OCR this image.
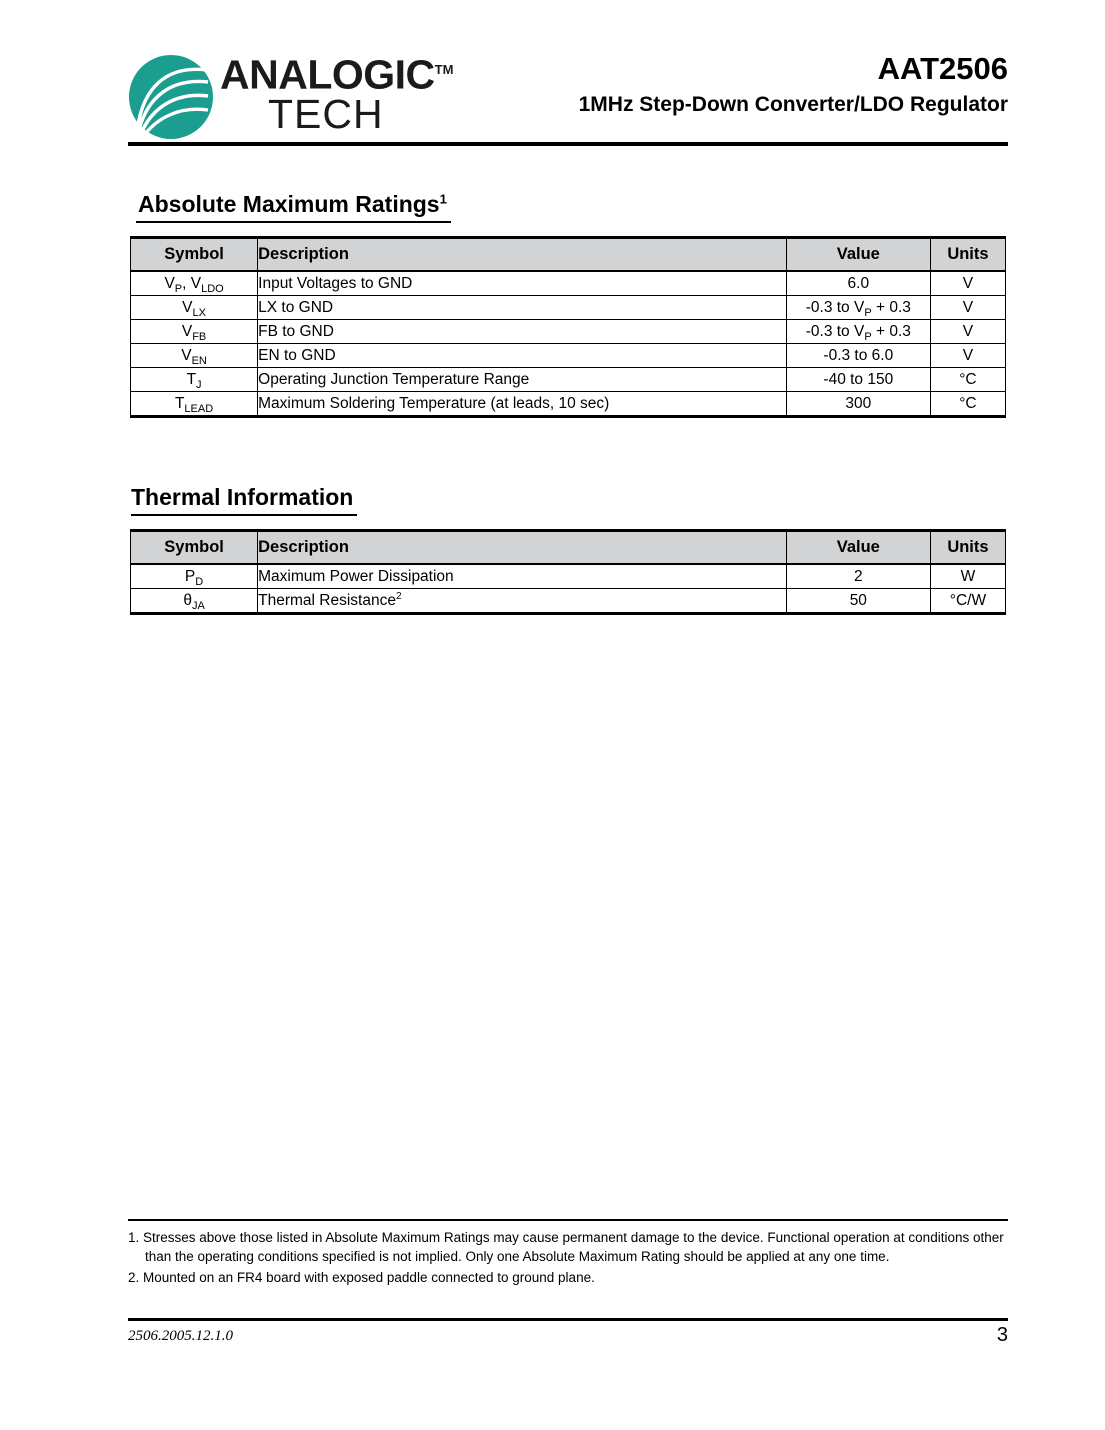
ANALOGIC™
TECH
AAT2506
1MHz Step-Down Converter/LDO Regulator
Absolute Maximum Ratings$^1$
Symbol	Description	Value	Units
$V_P$, $V_{LDO}$	Input Voltages to GND	6.0	V
$V_{LX}$	LX to GND	-0.3 to $V_P + 0.3$	V
$V_{FB}$	FB to GND	-0.3 to $V_P + 0.3$	V
$V_{EN}$	EN to GND	-0.3 to 6.0	V
$T_J$	Operating Junction Temperature Range	-40 to 150	°C
$T_{LEAD}$	Maximum Soldering Temperature (at leads, 10 sec)	300	°C
Thermal Information
Symbol	Description	Value	Units
$P_D$	Maximum Power Dissipation	2	W
$\theta_{JA}$	Thermal Resistance$^2$	50	°C/W
1. Stresses above those listed in Absolute Maximum Ratings may cause permanent damage to the device. Functional operation at conditions other than the operating conditions specified is not implied. Only one Absolute Maximum Rating should be applied at any one time.
2. Mounted on an FR4 board with exposed paddle connected to ground plane.
2506.2005.12.1.0	3
